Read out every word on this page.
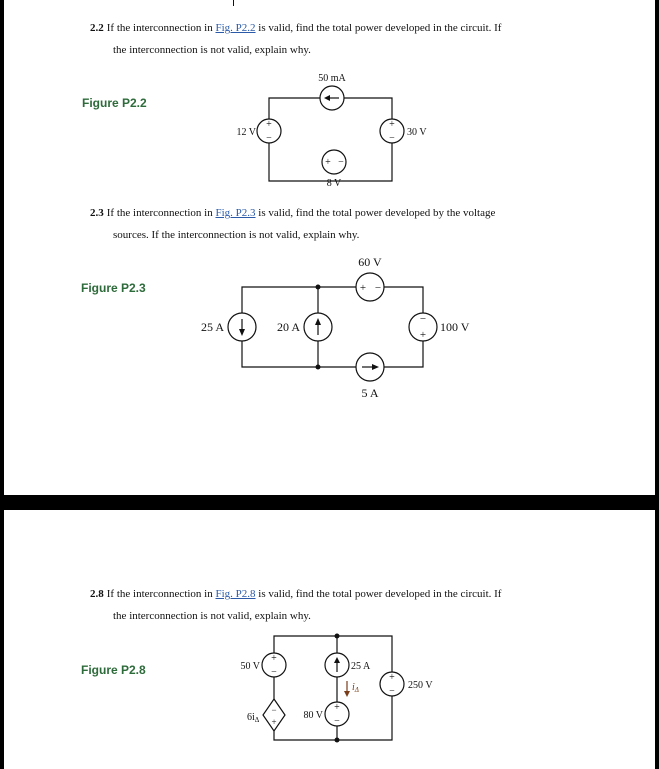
2.2 If the interconnection in Fig. P2.2 is valid, find the total power developed in the circuit. If
the interconnection is not valid, explain why.
Figure P2.2
50 mA
+
−
12 V
+
−
30 V
+ −
8 V
2.3 If the interconnection in Fig. P2.3 is valid, find the total power developed by the voltage
sources. If the interconnection is not valid, explain why.
Figure P2.3	+ −
60 V
25 A	20 A
−
+
100 V
5 A
2.8 If the interconnection in Fig. P2.8 is valid, find the total power developed in the circuit. If
the interconnection is not valid, explain why.
Figure P2.8
+
−
50 V
−
+
$6i_\Delta$
25 A
$i_\Delta$
+
−
80 V
+
−
250 V
